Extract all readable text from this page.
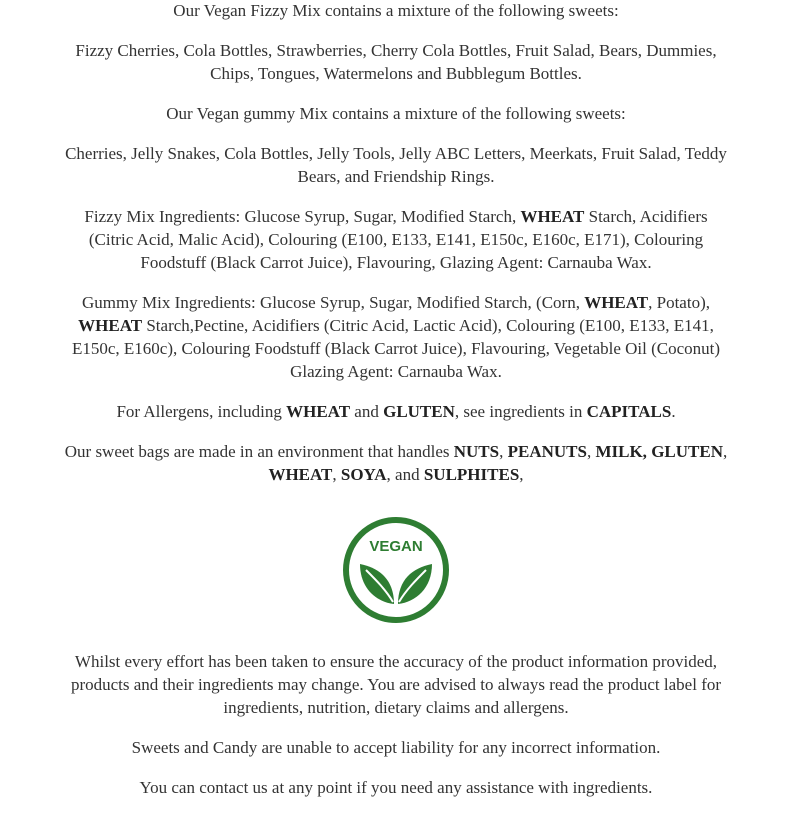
Our Vegan Fizzy Mix contains a mixture of the following sweets:

Fizzy Cherries, Cola Bottles, Strawberries, Cherry Cola Bottles, Fruit Salad, Bears, Dummies, Chips, Tongues, Watermelons and Bubblegum Bottles.

Our Vegan gummy Mix contains a mixture of the following sweets:

Cherries, Jelly Snakes, Cola Bottles, Jelly Tools, Jelly ABC Letters, Meerkats, Fruit Salad, Teddy Bears, and Friendship Rings.

Fizzy Mix Ingredients: Glucose Syrup, Sugar, Modified Starch, WHEAT Starch, Acidifiers (Citric Acid, Malic Acid), Colouring (E100, E133, E141, E150c, E160c, E171), Colouring Foodstuff (Black Carrot Juice), Flavouring, Glazing Agent: Carnauba Wax.

Gummy Mix Ingredients: Glucose Syrup, Sugar, Modified Starch, (Corn, WHEAT, Potato), WHEAT Starch,Pectine, Acidifiers (Citric Acid, Lactic Acid), Colouring (E100, E133, E141, E150c, E160c), Colouring Foodstuff (Black Carrot Juice), Flavouring, Vegetable Oil (Coconut) Glazing Agent: Carnauba Wax.

For Allergens, including WHEAT and GLUTEN, see ingredients in CAPITALS.

Our sweet bags are made in an environment that handles NUTS, PEANUTS, MILK, GLUTEN, WHEAT, SOYA, and SULPHITES,

VEGAN

Whilst every effort has been taken to ensure the accuracy of the product information provided, products and their ingredients may change. You are advised to always read the product label for ingredients, nutrition, dietary claims and allergens.

Sweets and Candy are unable to accept liability for any incorrect information.

You can contact us at any point if you need any assistance with ingredients.
